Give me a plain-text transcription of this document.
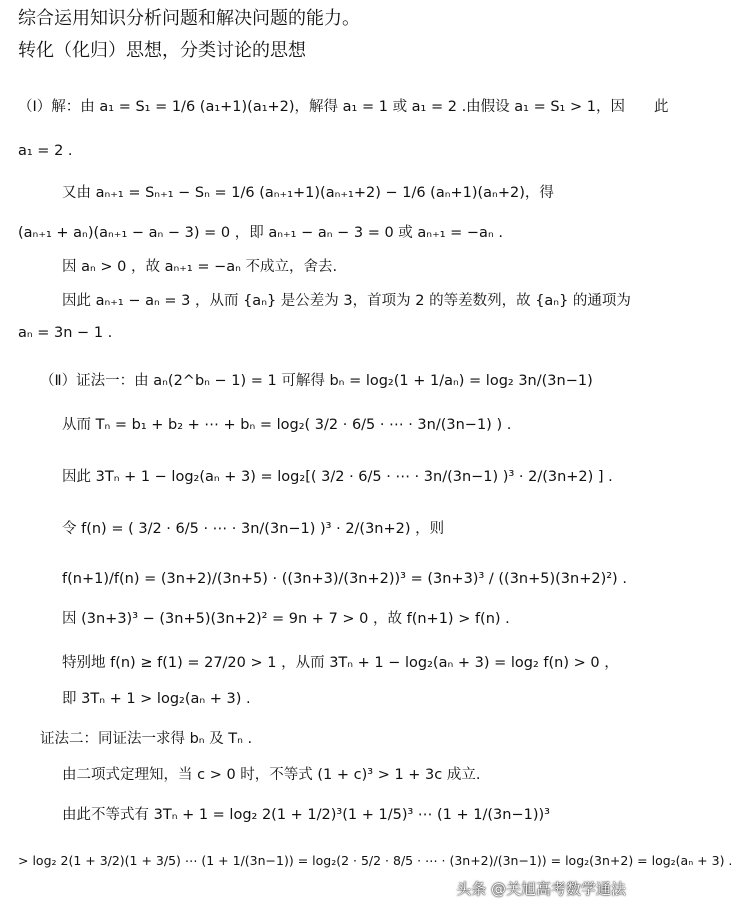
综合运用知识分析问题和解决问题的能力。
转化（化归）思想，分类讨论的思想
（Ⅰ）解：由 a₁ = S₁ = 1/6 (a₁+1)(a₁+2)，解得 a₁ = 1 或 a₁ = 2 .由假设 a₁ = S₁ > 1，因　　此
a₁ = 2 .
又由 aₙ₊₁ = Sₙ₊₁ − Sₙ = 1/6 (aₙ₊₁+1)(aₙ₊₁+2) − 1/6 (aₙ+1)(aₙ+2)，得
(aₙ₊₁ + aₙ)(aₙ₊₁ − aₙ − 3) = 0 ，即 aₙ₊₁ − aₙ − 3 = 0 或 aₙ₊₁ = −aₙ .
因 aₙ > 0 ，故 aₙ₊₁ = −aₙ 不成立，舍去.
因此 aₙ₊₁ − aₙ = 3 ，从而 {aₙ} 是公差为 3，首项为 2 的等差数列，故 {aₙ} 的通项为
aₙ = 3n − 1 .
（Ⅱ）证法一：由 aₙ(2^bₙ − 1) = 1 可解得 bₙ = log₂(1 + 1/aₙ) = log₂ 3n/(3n−1)
从而 Tₙ = b₁ + b₂ + ⋯ + bₙ = log₂( 3/2 · 6/5 · ⋯ · 3n/(3n−1) ) .
因此 3Tₙ + 1 − log₂(aₙ + 3) = log₂[( 3/2 · 6/5 · ⋯ · 3n/(3n−1) )³ · 2/(3n+2) ] .
令 f(n) = ( 3/2 · 6/5 · ⋯ · 3n/(3n−1) )³ · 2/(3n+2) ，则
f(n+1)/f(n) = (3n+2)/(3n+5) · ((3n+3)/(3n+2))³ = (3n+3)³ / ((3n+5)(3n+2)²) .
因 (3n+3)³ − (3n+5)(3n+2)² = 9n + 7 > 0 ，故 f(n+1) > f(n) .
特别地 f(n) ≥ f(1) = 27/20 > 1 ，从而 3Tₙ + 1 − log₂(aₙ + 3) = log₂ f(n) > 0 ，
即 3Tₙ + 1 > log₂(aₙ + 3) .
证法二：同证法一求得 bₙ 及 Tₙ .
由二项式定理知，当 c > 0 时，不等式 (1 + c)³ > 1 + 3c 成立.
由此不等式有 3Tₙ + 1 = log₂ 2(1 + 1/2)³(1 + 1/5)³ ⋯ (1 + 1/(3n−1))³
> log₂ 2(1 + 3/2)(1 + 3/5) ⋯ (1 + 1/(3n−1)) = log₂(2 · 5/2 · 8/5 · ⋯ · (3n+2)/(3n−1)) = log₂(3n+2) = log₂(aₙ + 3) .
头条 @关旭高考数学通法
